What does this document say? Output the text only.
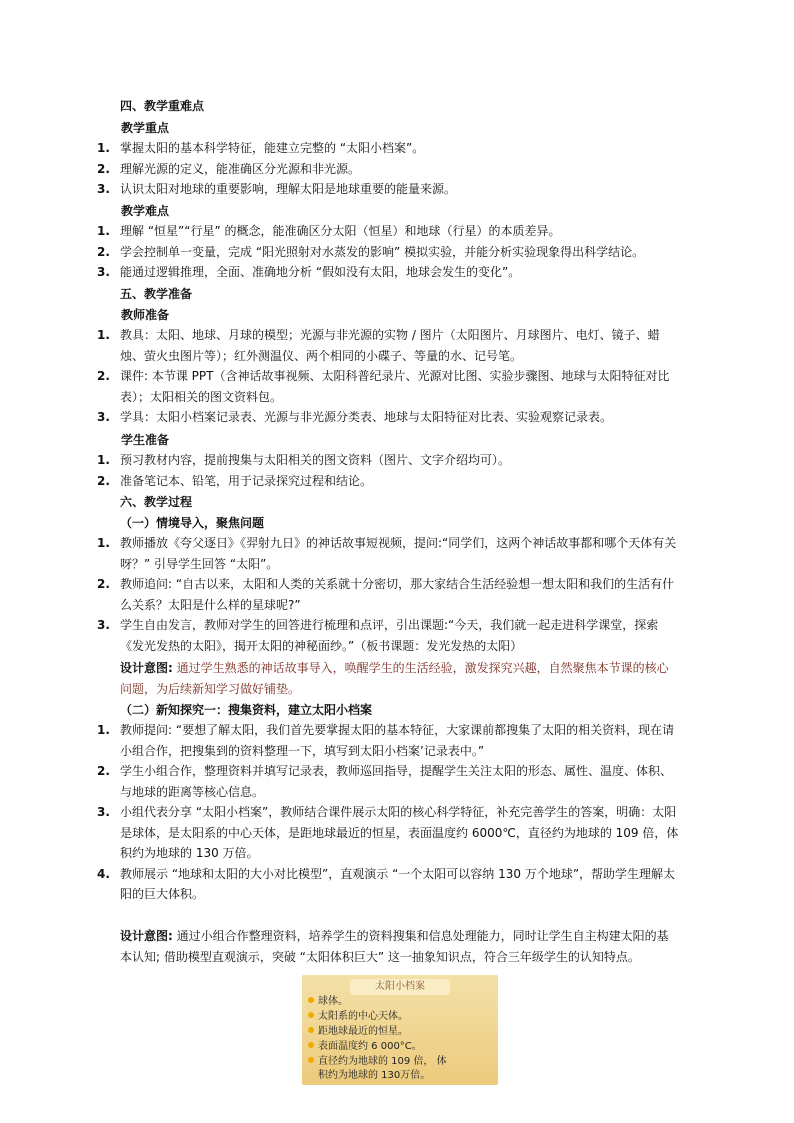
四、教学重难点
教学重点
1. 掌握太阳的基本科学特征，能建立完整的 “太阳小档案”。
2. 理解光源的定义，能准确区分光源和非光源。
3. 认识太阳对地球的重要影响，理解太阳是地球重要的能量来源。
教学难点
1. 理解 “恒星”“行星” 的概念，能准确区分太阳（恒星）和地球（行星）的本质差异。
2. 学会控制单一变量，完成 “阳光照射对水蒸发的影响” 模拟实验，并能分析实验现象得出科学结论。
3. 能通过逻辑推理，全面、准确地分析 “假如没有太阳，地球会发生的变化”。
五、教学准备
教师准备
1. 教具：太阳、地球、月球的模型；光源与非光源的实物 / 图片（太阳图片、月球图片、电灯、镜子、蜡烛、萤火虫图片等）；红外测温仪、两个相同的小碟子、等量的水、记号笔。
2. 课件: 本节课 PPT（含神话故事视频、太阳科普纪录片、光源对比图、实验步骤图、地球与太阳特征对比表）；太阳相关的图文资料包。
3. 学具：太阳小档案记录表、光源与非光源分类表、地球与太阳特征对比表、实验观察记录表。
学生准备
1. 预习教材内容，提前搜集与太阳相关的图文资料（图片、文字介绍均可）。
2. 准备笔记本、铅笔，用于记录探究过程和结论。
六、教学过程
（一）情境导入，聚焦问题
1. 教师播放《夸父逐日》《羿射九日》的神话故事短视频，提问:“同学们，这两个神话故事都和哪个天体有关呀？” 引导学生回答 “太阳”。
2. 教师追问: “自古以来，太阳和人类的关系就十分密切，那大家结合生活经验想一想太阳和我们的生活有什么关系？太阳是什么样的星球呢?”
3. 学生自由发言，教师对学生的回答进行梳理和点评，引出课题:“今天，我们就一起走进科学课堂，探索《发光发热的太阳》，揭开太阳的神秘面纱。”（板书课题：发光发热的太阳）
设计意图: 通过学生熟悉的神话故事导入，唤醒学生的生活经验，激发探究兴趣，自然聚焦本节课的核心问题，为后续新知学习做好铺垫。
（二）新知探究一：搜集资料，建立太阳小档案
1. 教师提问: “要想了解太阳，我们首先要掌握太阳的基本特征，大家课前都搜集了太阳的相关资料，现在请小组合作，把搜集到的资料整理一下，填写到太阳小档案’记录表中。”
2. 学生小组合作，整理资料并填写记录表，教师巡回指导，提醒学生关注太阳的形态、属性、温度、体积、与地球的距离等核心信息。
3. 小组代表分享 “太阳小档案”，教师结合课件展示太阳的核心科学特征，补充完善学生的答案，明确：太阳是球体，是太阳系的中心天体，是距地球最近的恒星，表面温度约 6000℃，直径约为地球的 109 倍，体积约为地球的 130 万倍。
4. 教师展示 “地球和太阳的大小对比模型”，直观演示 “一个太阳可以容纳 130 万个地球”，帮助学生理解太阳的巨大体积。
设计意图: 通过小组合作整理资料，培养学生的资料搜集和信息处理能力，同时让学生自主构建太阳的基本认知; 借助模型直观演示，突破 “太阳体积巨大” 这一抽象知识点，符合三年级学生的认知特点。
太阳小档案
球体。
太阳系的中心天体。
距地球最近的恒星。
表面温度约 6 000°C。
直径约为地球的 109 倍， 体
积约为地球的 130万倍。
